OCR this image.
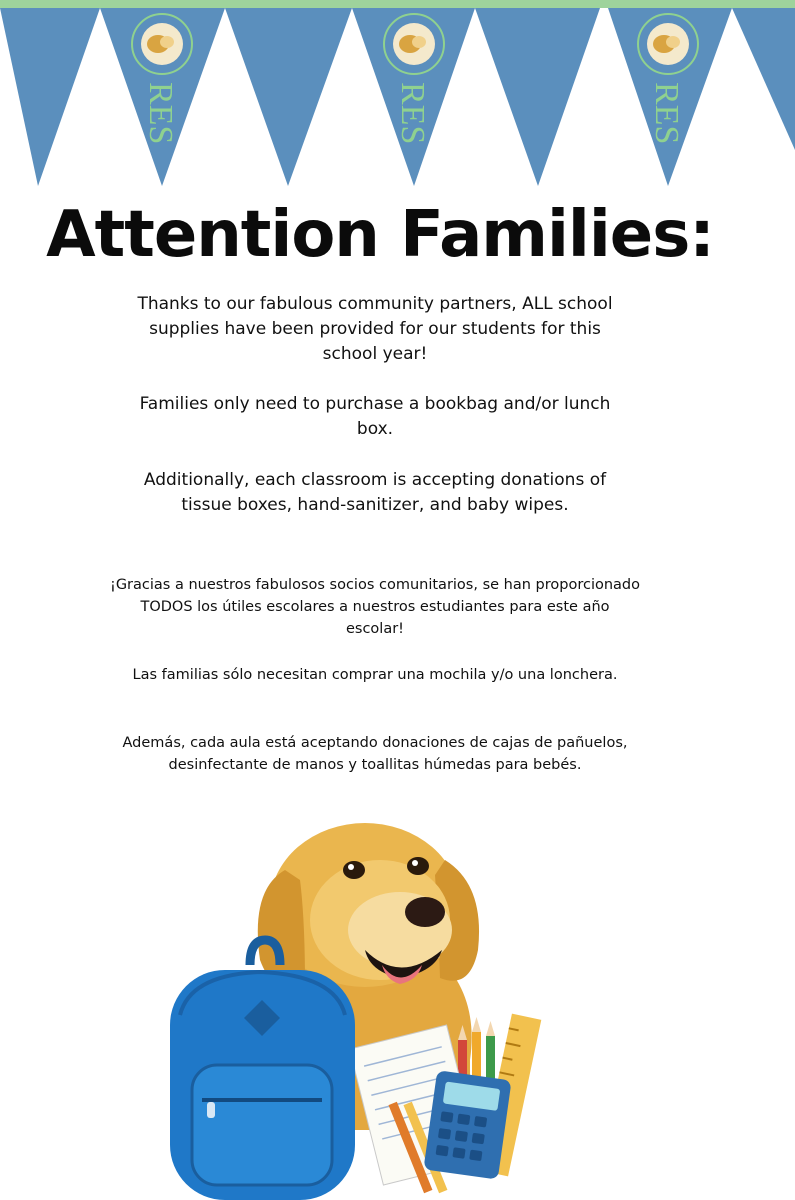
RES	RES	RES
Attention Families:

Thanks to our fabulous community partners, ALL school supplies have been provided for our students for this school year!

Families only need to purchase a bookbag and/or lunch box.

Additionally, each classroom is accepting donations of tissue boxes, hand-sanitizer, and baby wipes.

¡Gracias a nuestros fabulosos socios comunitarios, se han proporcionado TODOS los útiles escolares a nuestros estudiantes para este año escolar!

Las familias sólo necesitan comprar una mochila y/o una lonchera.

Además, cada aula está aceptando donaciones de cajas de pañuelos, desinfectante de manos y toallitas húmedas para bebés.
